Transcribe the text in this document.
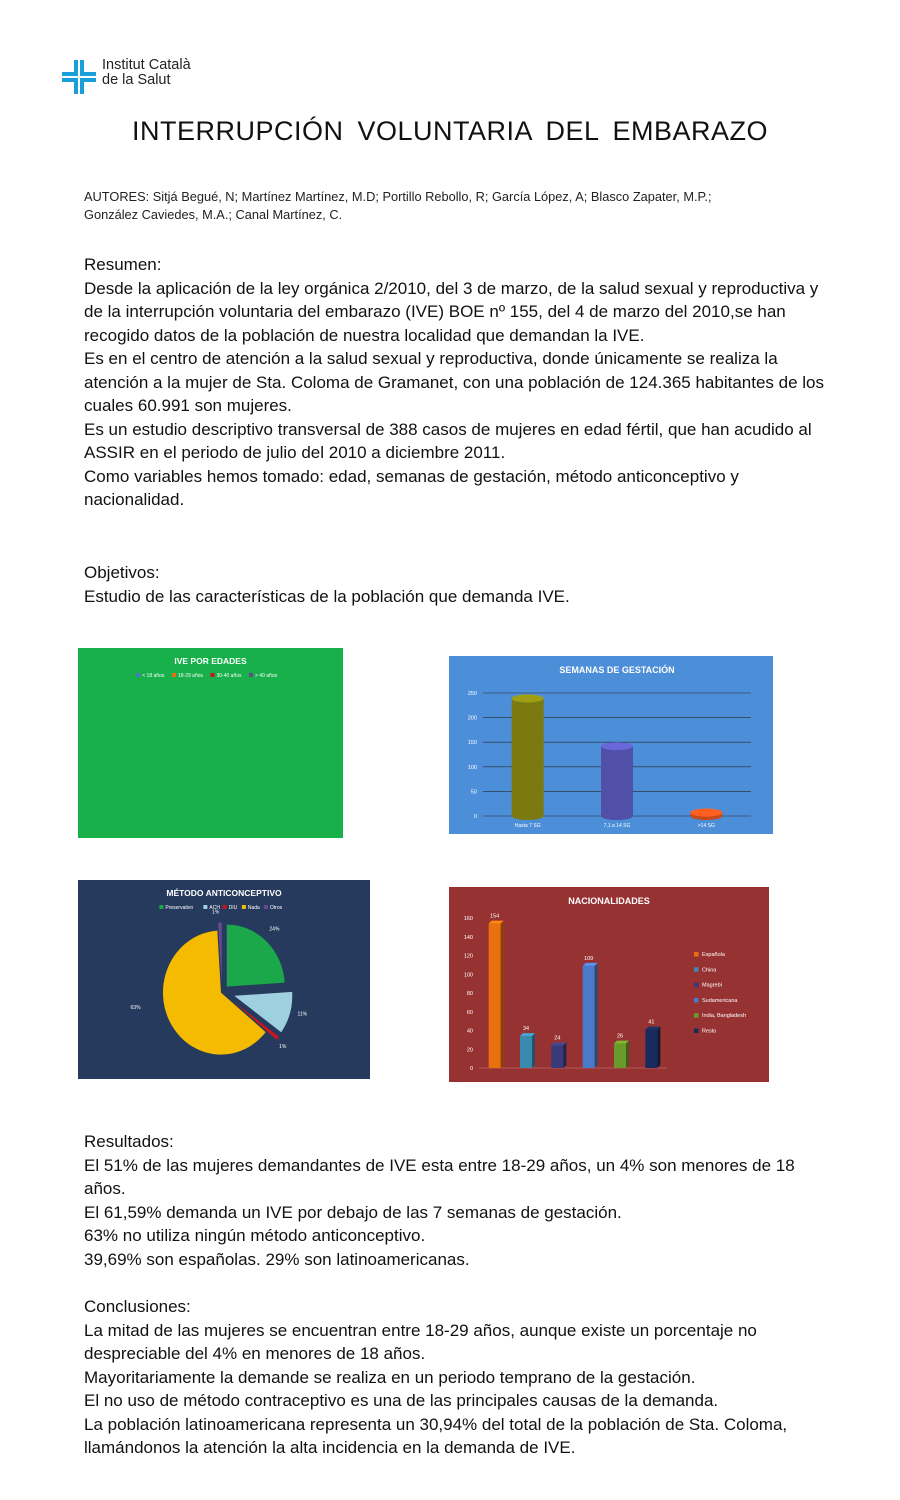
Institut Català
de la Salut
INTERRUPCIÓN VOLUNTARIA DEL EMBARAZO
AUTORES: Sitjá Begué, N; Martínez Martínez, M.D; Portillo Rebollo, R; García López, A; Blasco Zapater, M.P.;
González Caviedes, M.A.; Canal Martínez, C.

Resumen:

Desde la aplicación de la ley orgánica 2/2010, del 3 de marzo, de la salud sexual y reproductiva y de la interrupción voluntaria del embarazo (IVE) BOE nº 155, del 4 de marzo del 2010,se han recogido datos de la población de nuestra localidad que demandan la IVE.

Es en el centro de atención a la salud sexual y reproductiva, donde únicamente se realiza la atención a la mujer de Sta. Coloma de Gramanet, con una población de 124.365 habitantes de los cuales 60.991 son mujeres.

Es un estudio descriptivo transversal de 388 casos de mujeres en edad fértil, que han acudido al ASSIR en el periodo de julio del 2010 a diciembre 2011.

Como variables hemos tomado: edad, semanas de gestación, método anticonceptivo y nacionalidad.

Objetivos:

Estudio de las características de la población que demanda IVE.

IVE POR EDADES
< 18 años	18-29 años	30-40 años	> 40 años
SEMANAS DE GESTACIÓN
0
50
100
150
200
250
Hasta 7 SG	7,1 a 14 SG	>14 SG
MÉTODO ANTICONCEPTIVO
Preservativo	ACH DIU Nada Otros
24%
11%
1%
63%
1%
NACIONALIDADES
0
20
40
60
80
100
120
140
160	154
34
24
109
26
41
Española
China
Magrebí
Sudamericana
India, Bangladesh
Resto

Resultados:

El 51% de las mujeres demandantes de IVE esta entre 18-29 años, un 4% son menores de 18 años.

El 61,59% demanda un IVE por debajo de las 7 semanas de gestación.

63% no utiliza ningún método anticonceptivo.

39,69% son españolas. 29% son latinoamericanas.

Conclusiones:

La mitad de las mujeres se encuentran entre 18-29 años, aunque existe un porcentaje no despreciable del 4% en menores de 18 años.

Mayoritariamente la demande se realiza en un periodo temprano de la gestación.

El no uso de método contraceptivo es una de las principales causas de la demanda.

La población latinoamericana representa un 30,94% del total de la población de Sta. Coloma, llamándonos la atención la alta incidencia en la demanda de IVE.
